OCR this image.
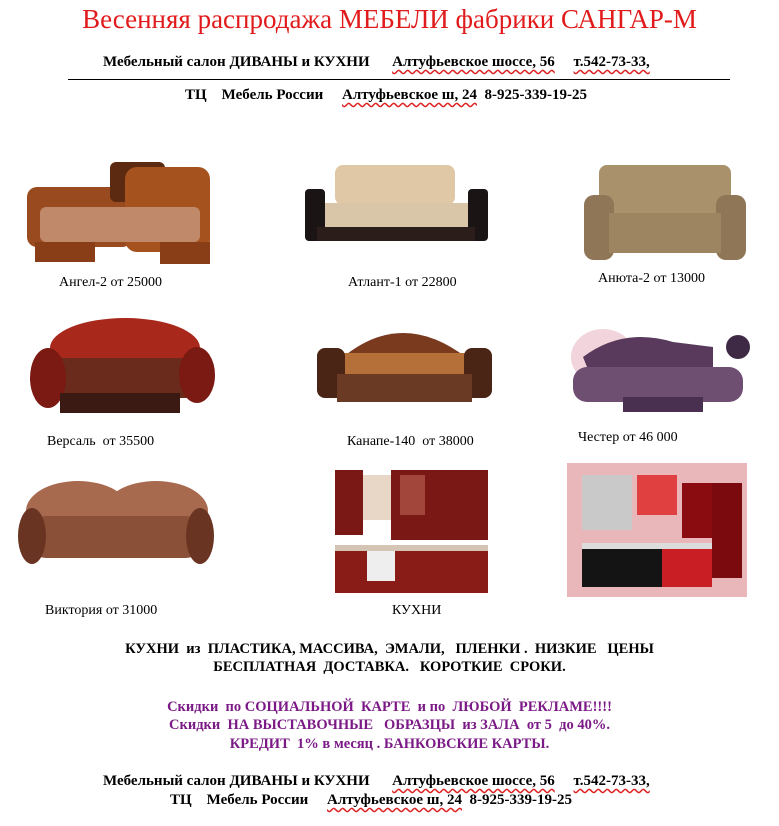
Весенняя распродажа МЕБЕЛИ фабрики САНГАР-М
Мебельный салон ДИВАНЫ и КУХНИ Алтуфьевское шоссе, 56 т.542-73-33,
ТЦ    Мебель России Алтуфьевское ш, 24 8-925-339-19-25
Ангел-2 от 25000	Атлант-1 от 22800	Анюта-2 от 13000
Версаль  от 35500	Канапе-140  от 38000	Честер от 46 000
Виктория от 31000	КУХНИ
КУХНИ  из  ПЛАСТИКА, МАССИВА,  ЭМАЛИ,   ПЛЕНКИ .  НИЗКИЕ   ЦЕНЫ
БЕСПЛАТНАЯ  ДОСТАВКА.   КОРОТКИЕ  СРОКИ.
Скидки  по СОЦИАЛЬНОЙ  КАРТЕ  и по  ЛЮБОЙ  РЕКЛАМЕ!!!!
Скидки  НА ВЫСТАВОЧНЫЕ   ОБРАЗЦЫ  из ЗАЛА  от 5  до 40%.
КРЕДИТ  1% в месяц . БАНКОВСКИЕ КАРТЫ.
Мебельный салон ДИВАНЫ и КУХНИ Алтуфьевское шоссе, 56 т.542-73-33,
ТЦ    Мебель России Алтуфьевское ш, 24 8-925-339-19-25
